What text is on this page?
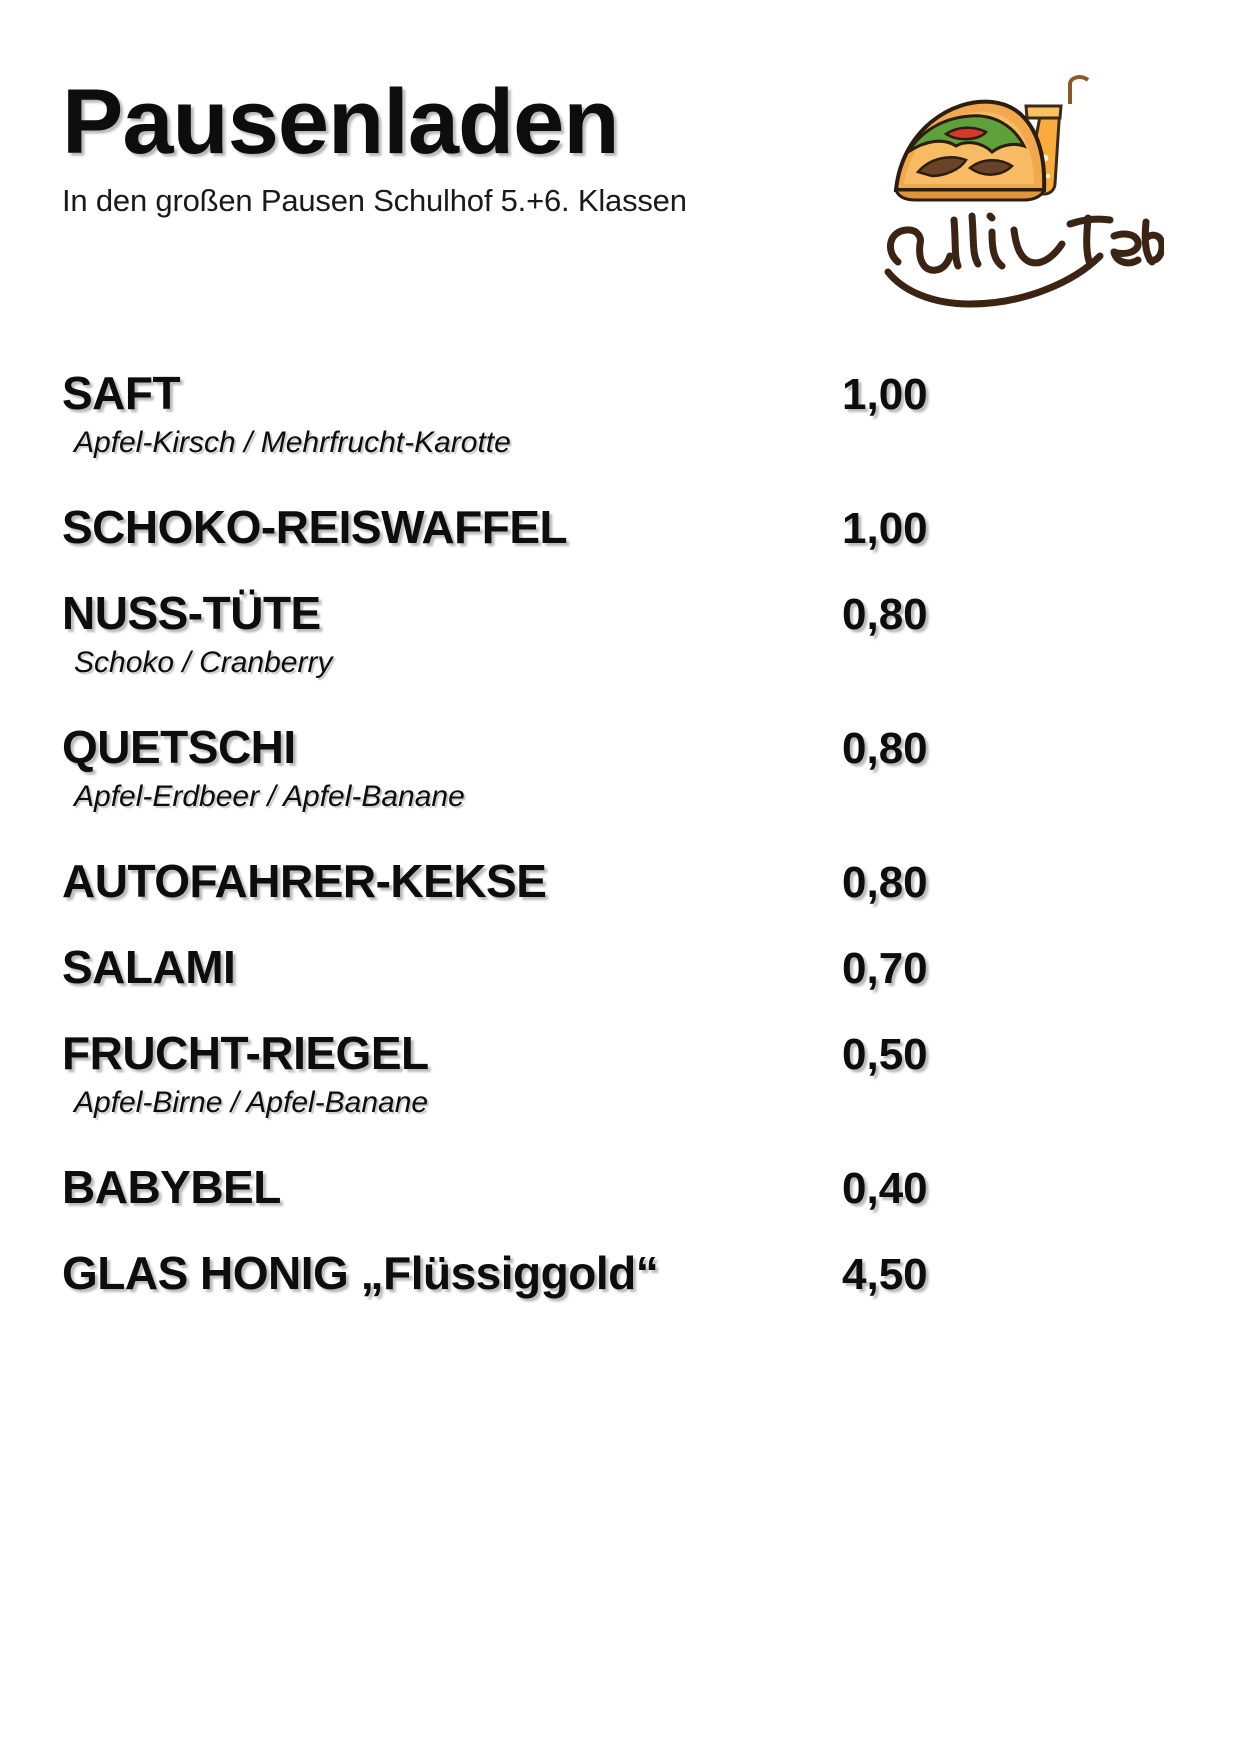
Pausenladen
In den großen Pausen Schulhof 5.+6. Klassen
SAFT	1,00
Apfel-Kirsch / Mehrfrucht-Karotte
SCHOKO-REISWAFFEL	1,00
NUSS-TÜTE	0,80
Schoko / Cranberry
QUETSCHI	0,80
Apfel-Erdbeer / Apfel-Banane
AUTOFAHRER-KEKSE	0,80
SALAMI	0,70
FRUCHT-RIEGEL	0,50
Apfel-Birne / Apfel-Banane
BABYBEL	0,40
GLAS HONIG „Flüssiggold“	4,50
